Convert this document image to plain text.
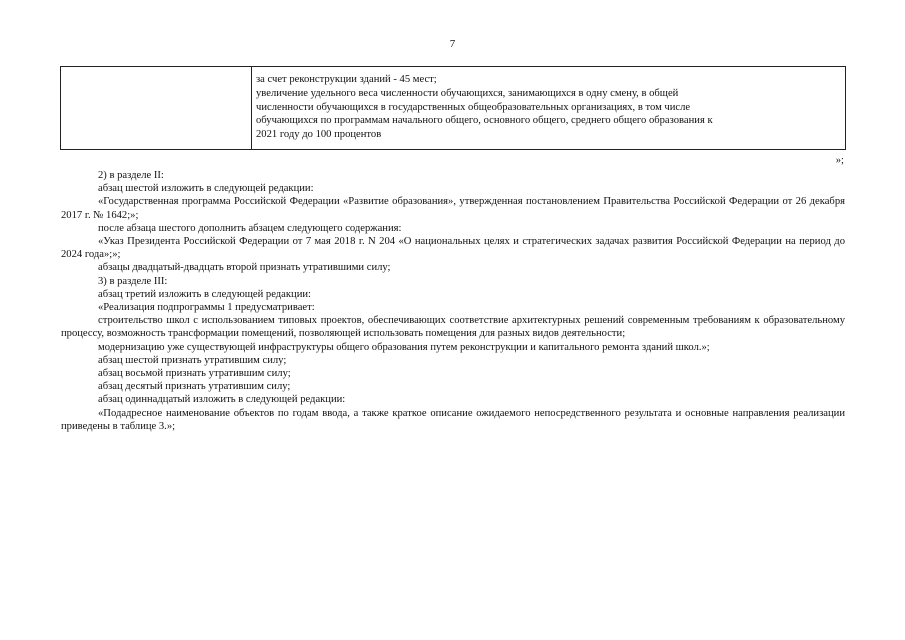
7
за счет реконструкции зданий - 45 мест;
увеличение удельного веса численности обучающихся, занимающихся в одну смену, в общей
численности обучающихся в государственных общеобразовательных организациях, в том числе
обучающихся по программам начального общего, основного общего, среднего общего образования к
2021 году до 100 процентов
»;

2) в разделе II:

абзац шестой изложить в следующей редакции:

«Государственная программа Российской Федерации «Развитие образования», утвержденная постановлением Правительства Российской Федерации от 26 декабря 2017 г. № 1642;»;

после абзаца шестого дополнить абзацем следующего содержания:

«Указ Президента Российской Федерации от 7 мая 2018 г. N 204 «О национальных целях и стратегических задачах развития Российской Федерации на период до 2024 года»;»;

абзацы двадцатый-двадцать второй признать утратившими силу;

3) в разделе III:

абзац третий изложить в следующей редакции:

«Реализация подпрограммы 1 предусматривает:

строительство школ с использованием типовых проектов, обеспечивающих соответствие архитектурных решений современным требованиям к образовательному процессу, возможность трансформации помещений, позволяющей использовать помещения для разных видов деятельности;

модернизацию уже существующей инфраструктуры общего образования путем реконструкции и капитального ремонта зданий школ.»;

абзац шестой признать утратившим силу;

абзац восьмой признать утратившим силу;

абзац десятый признать утратившим силу;

абзац одиннадцатый изложить в следующей редакции:

«Подадресное наименование объектов по годам ввода, а также краткое описание ожидаемого непосредственного результата и основные направления реализации приведены в таблице 3.»;
